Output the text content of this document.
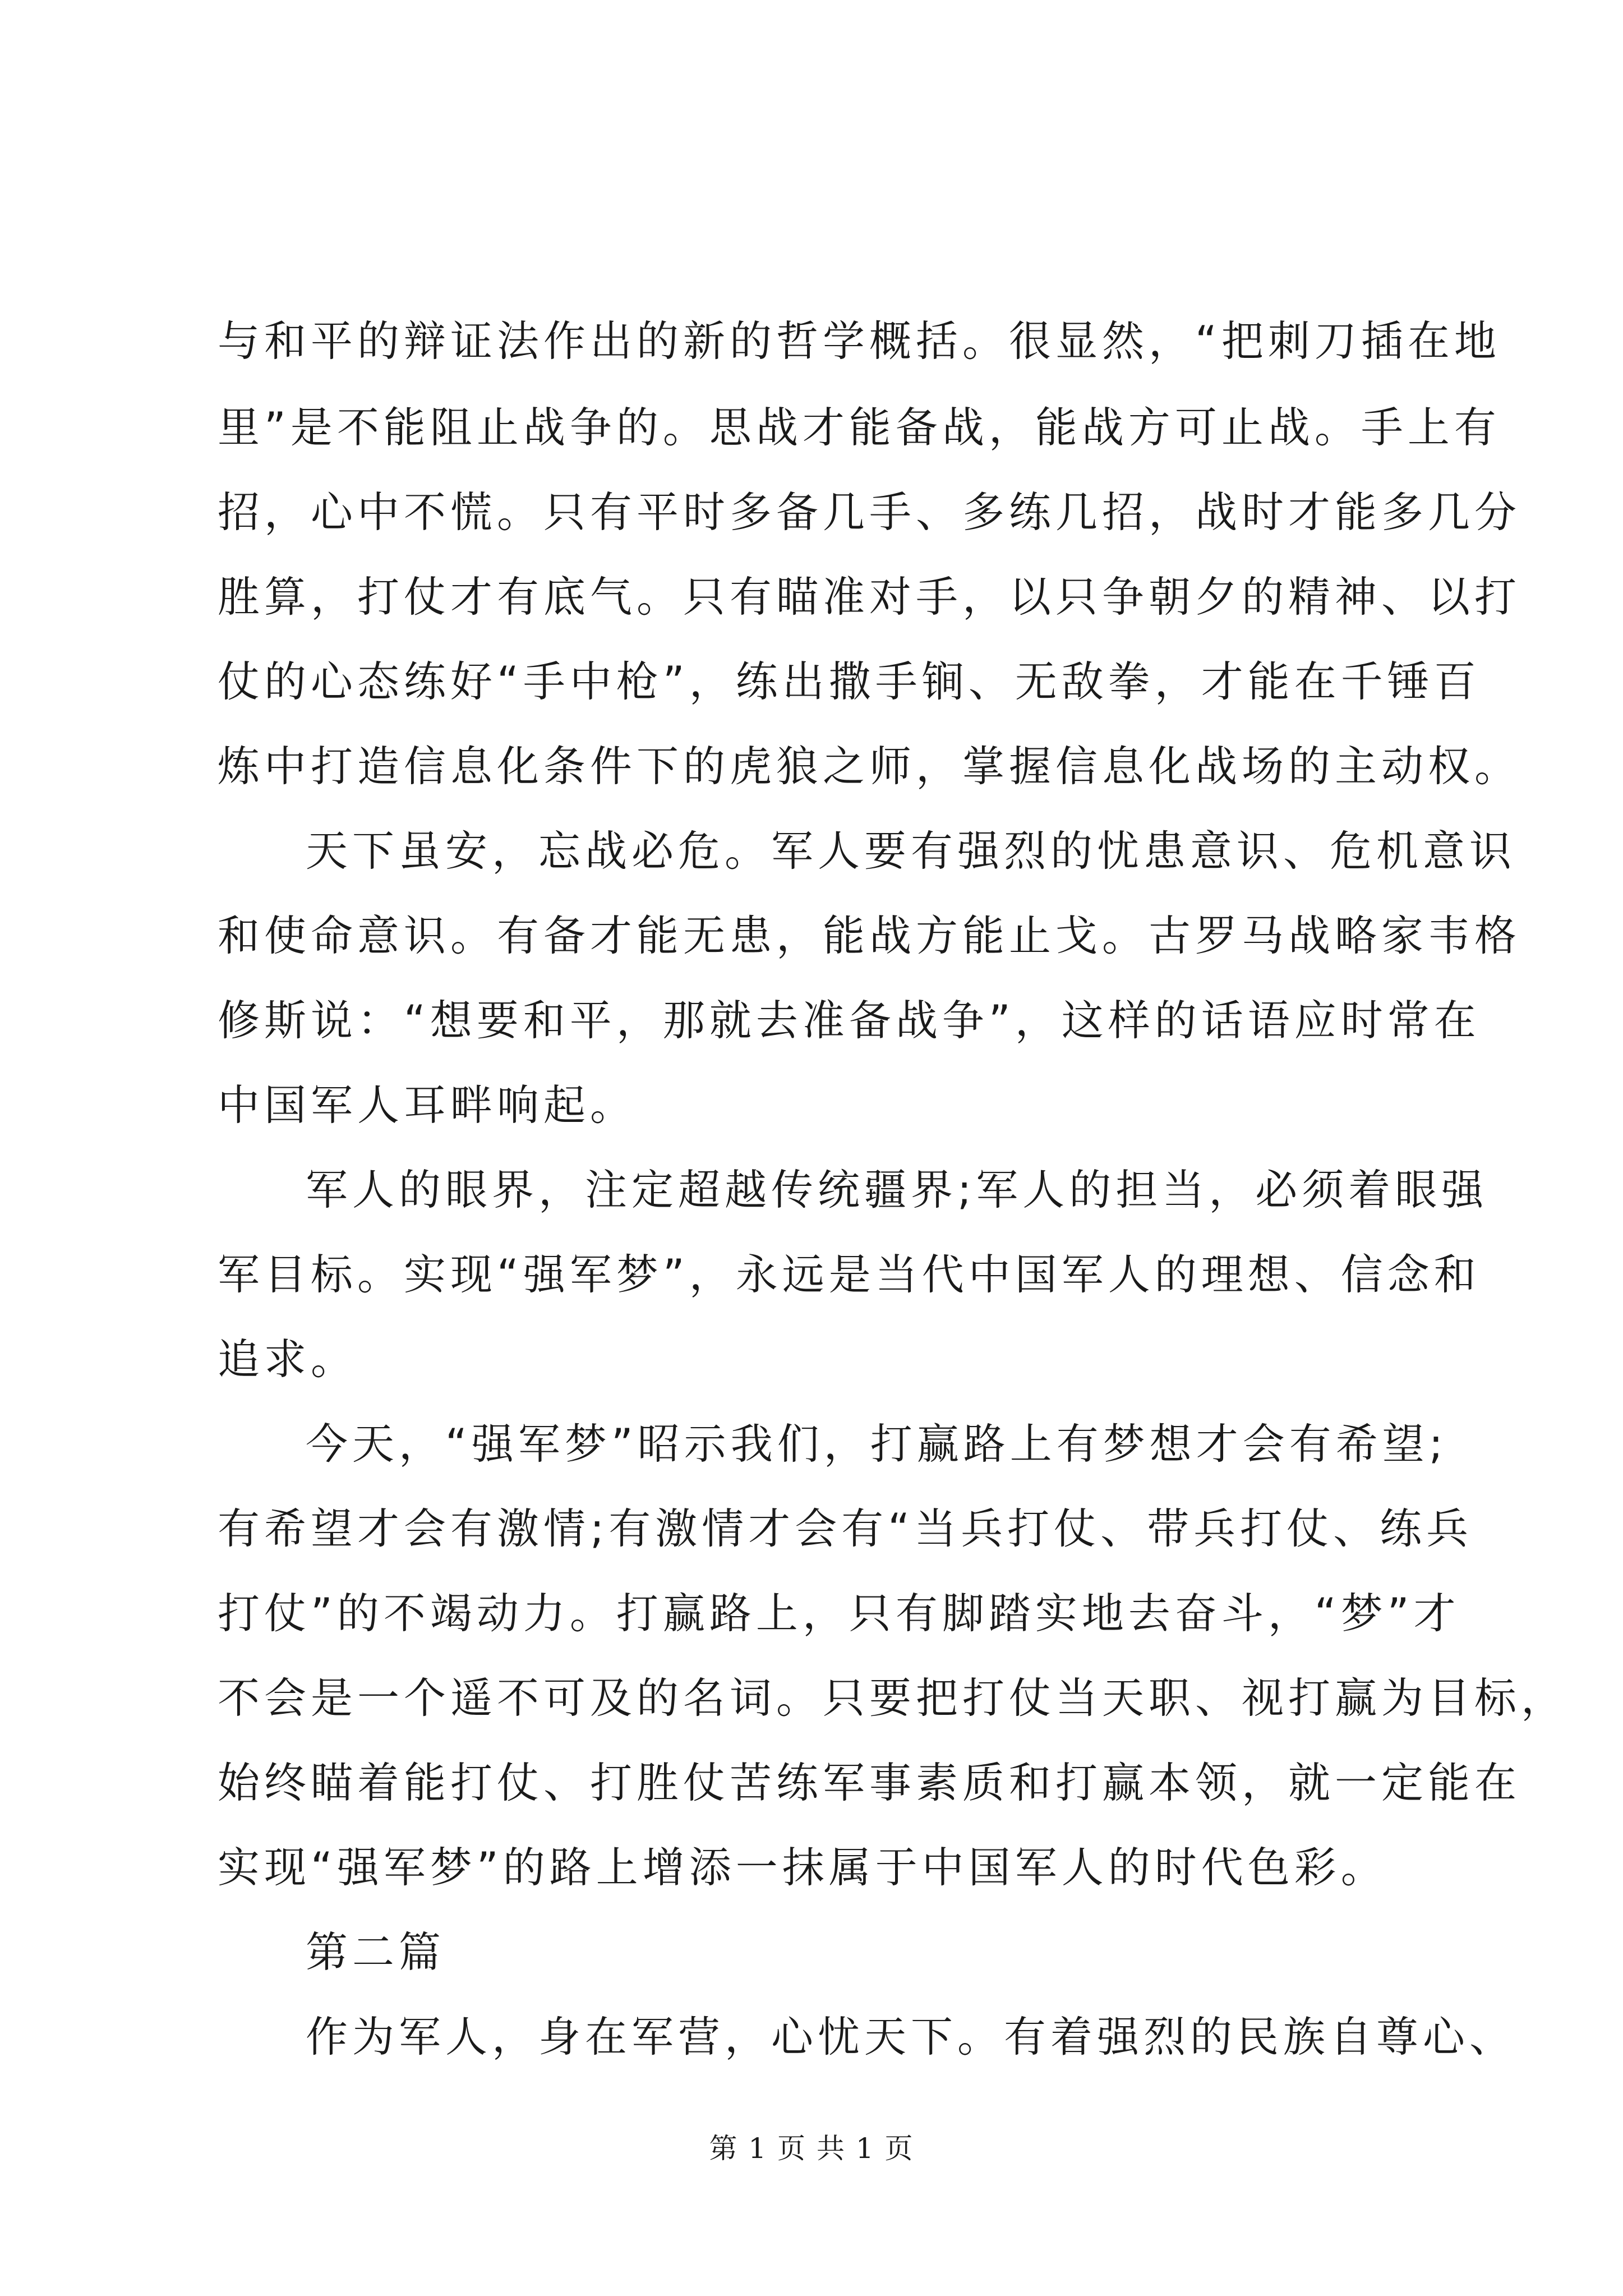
与和平的辩证法作出的新的哲学概括。很显然，“把刺刀插在地
里”是不能阻止战争的。思战才能备战，能战方可止战。手上有
招，心中不慌。只有平时多备几手、多练几招，战时才能多几分
胜算，打仗才有底气。只有瞄准对手，以只争朝夕的精神、以打
仗的心态练好“手中枪”，练出撒手锏、无敌拳，才能在千锤百
炼中打造信息化条件下的虎狼之师，掌握信息化战场的主动权。
天下虽安，忘战必危。军人要有强烈的忧患意识、危机意识
和使命意识。有备才能无患，能战方能止戈。古罗马战略家韦格
修斯说：“想要和平，那就去准备战争”，这样的话语应时常在
中国军人耳畔响起。
军人的眼界，注定超越传统疆界;军人的担当，必须着眼强
军目标。实现“强军梦”，永远是当代中国军人的理想、信念和
追求。
今天，“强军梦”昭示我们，打赢路上有梦想才会有希望;
有希望才会有激情;有激情才会有“当兵打仗、带兵打仗、练兵
打仗”的不竭动力。打赢路上，只有脚踏实地去奋斗，“梦”才
不会是一个遥不可及的名词。只要把打仗当天职、视打赢为目标，
始终瞄着能打仗、打胜仗苦练军事素质和打赢本领，就一定能在
实现“强军梦”的路上增添一抹属于中国军人的时代色彩。
第二篇
作为军人，身在军营，心忧天下。有着强烈的民族自尊心、
第 1 页 共 1 页
